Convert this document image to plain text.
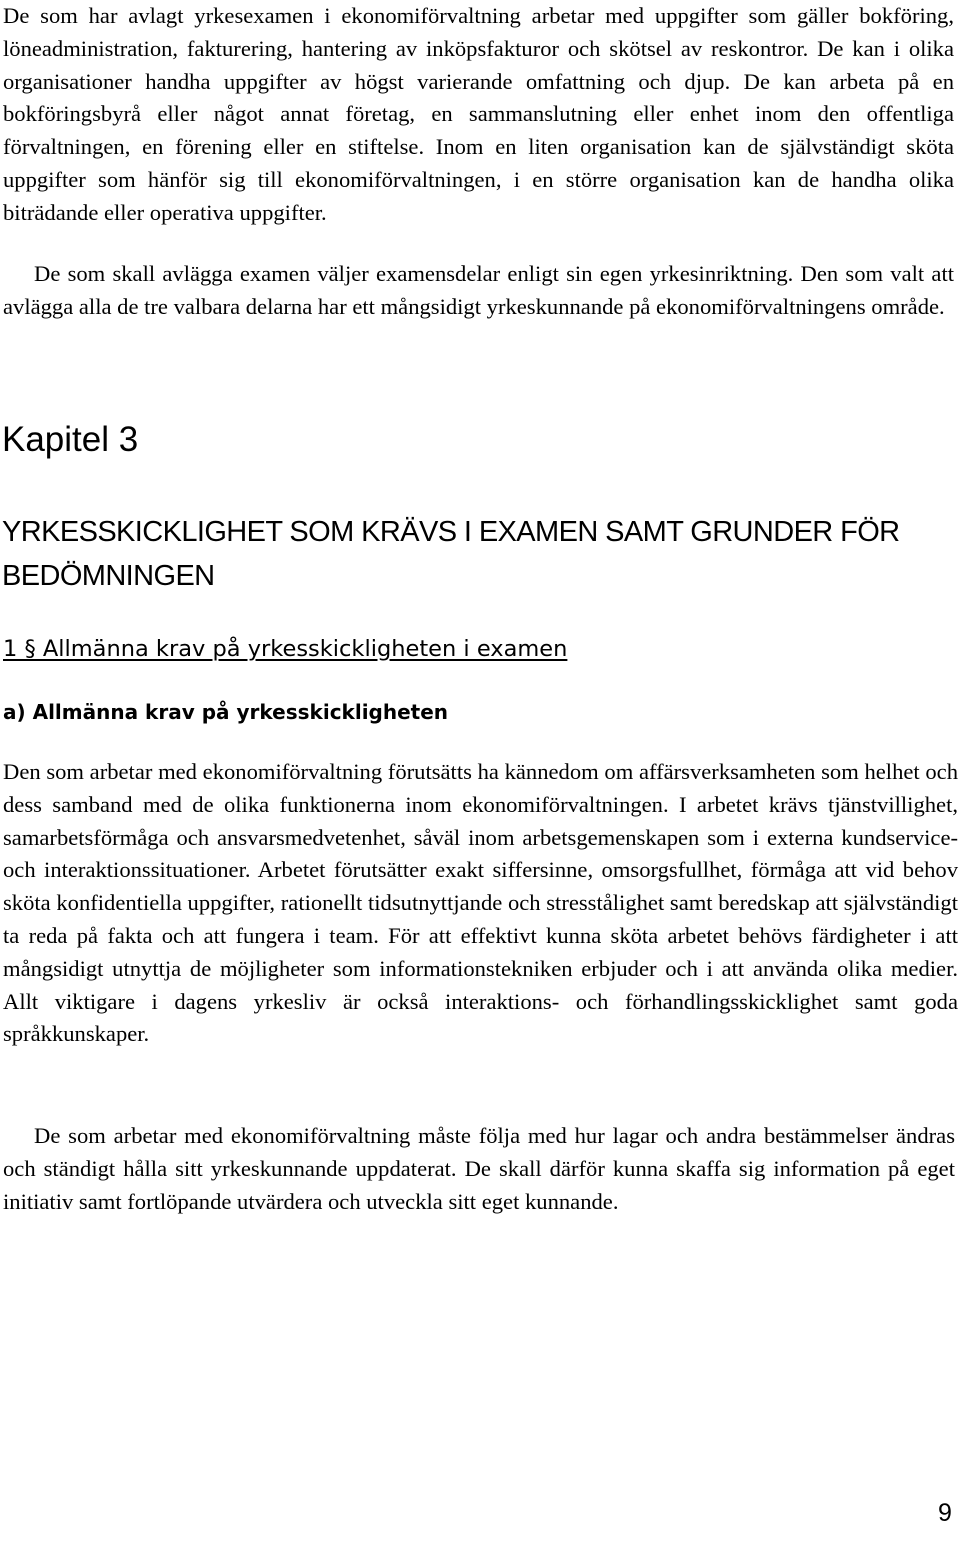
De som har avlagt yrkesexamen i ekonomiförvaltning arbetar med uppgifter som gäller bokföring, löneadministration, fakturering, hantering av inköpsfakturor och skötsel av reskontror. De kan i olika organisationer handha uppgifter av högst varierande omfattning och djup. De kan arbeta på en bokföringsbyrå eller något annat företag, en sammanslutning eller enhet inom den offentliga förvaltningen, en förening eller en stiftelse. Inom en liten organisation kan de självständigt sköta uppgifter som hänför sig till ekonomiförvaltningen, i en större organisation kan de handha olika biträdande eller operativa uppgifter.

De som skall avlägga examen väljer examensdelar enligt sin egen yrkesinriktning. Den som valt att avlägga alla de tre valbara delarna har ett mångsidigt yrkeskunnande på ekonomiförvaltningens område.

Kapitel 3
YRKESSKICKLIGHET SOM KRÄVS I EXAMEN SAMT GRUNDER FÖR BEDÖMNINGEN
1 § Allmänna krav på yrkesskickligheten i examen
a) Allmänna krav på yrkesskickligheten

Den som arbetar med ekonomiförvaltning förutsätts ha kännedom om affärsverksamheten som helhet och dess samband med de olika funktionerna inom ekonomiförvaltningen. I arbetet krävs tjänstvillighet, samarbetsförmåga och ansvarsmedvetenhet, såväl inom arbetsgemenskapen som i externa kundservice- och interaktionssituationer. Arbetet förutsätter exakt siffersinne, omsorgsfullhet, förmåga att vid behov sköta konfidentiella uppgifter, rationellt tidsutnyttjande och stresstålighet samt beredskap att självständigt ta reda på fakta och att fungera i team. För att effektivt kunna sköta arbetet behövs färdigheter i att mångsidigt utnyttja de möjligheter som informationstekniken erbjuder och i att använda olika medier. Allt viktigare i dagens yrkesliv är också interaktions- och förhandlingsskicklighet samt goda språkkunskaper.

De som arbetar med ekonomiförvaltning måste följa med hur lagar och andra bestämmelser ändras och ständigt hålla sitt yrkeskunnande uppdaterat. De skall därför kunna skaffa sig information på eget initiativ samt fortlöpande utvärdera och utveckla sitt eget kunnande.

9
